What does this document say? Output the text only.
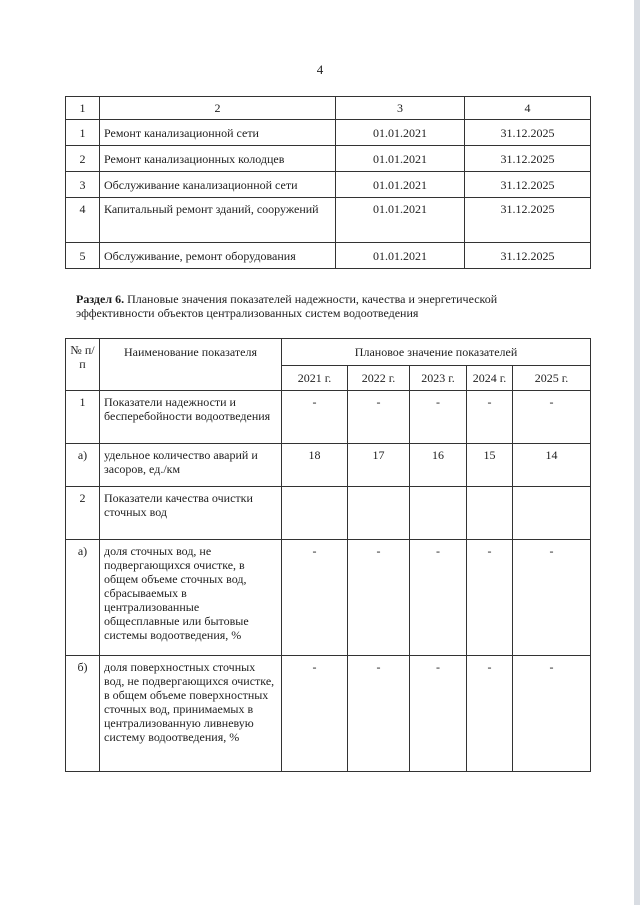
4
1	2	3	4
1	Ремонт канализационной сети	01.01.2021	31.12.2025
2	Ремонт канализационных колодцев	01.01.2021	31.12.2025
3	Обслуживание канализационной сети	01.01.2021	31.12.2025
4	Капитальный ремонт зданий, сооружений	01.01.2021	31.12.2025
5	Обслуживание, ремонт оборудования	01.01.2021	31.12.2025
Раздел 6. Плановые значения показателей надежности, качества и энергетической эффективности объектов централизованных систем водоотведения
№ п/п	Наименование показателя	Плановое значение показателей				
		2021 г.	2022 г.	2023 г.	2024 г.	2025 г.
1	Показатели надежности и бесперебойности водоотведения	-	-	-	-	-
а)	удельное количество аварий и засоров, ед./км	18	17	16	15	14
2	Показатели качества очистки сточных вод					
а)	доля сточных вод, не подвергающихся очистке, в общем объеме сточных вод, сбрасываемых в централизованные общесплавные или бытовые системы водоотведения, %	-	-	-	-	-
б)	доля поверхностных сточных вод, не подвергающихся очистке, в общем объеме поверхностных сточных вод, принимаемых в централизованную ливневую систему водоотведения, %	-	-	-	-	-
